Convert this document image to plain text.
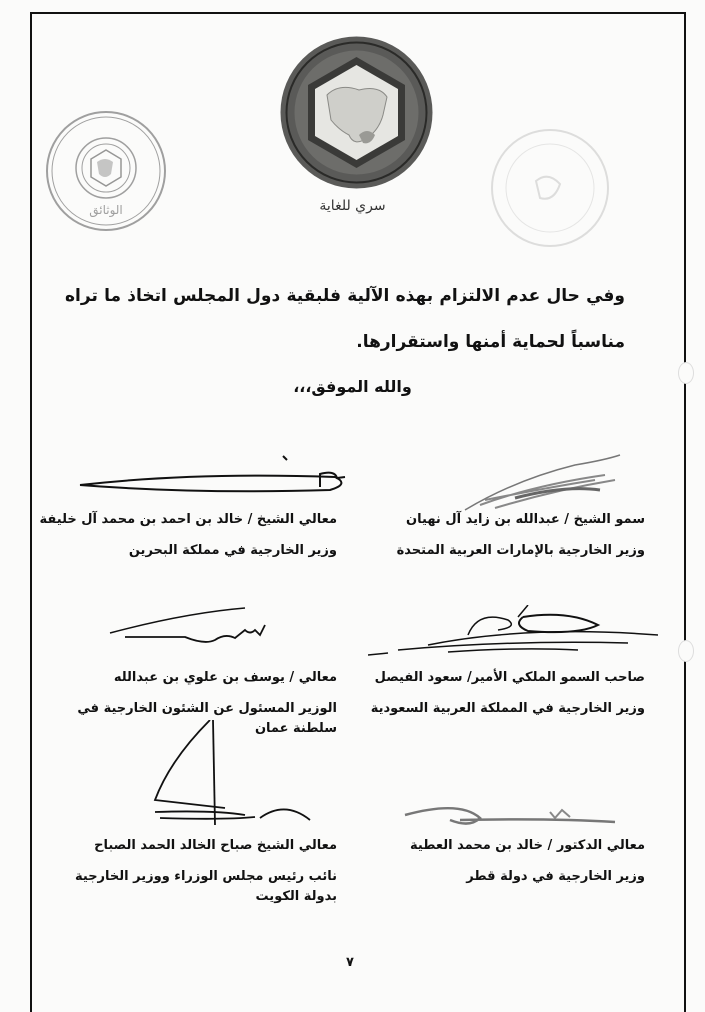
الوثائق	سري للغاية
وفي حال عدم الالتزام بهذه الآلية فلبقية دول المجلس اتخاذ ما تراه
مناسباً لحماية أمنها واستقرارها.
والله الموفق،،،
سمو الشيخ / عبدالله بن زايد آل نهيان
وزير الخارجية بالإمارات العربية المتحدة
معالي الشيخ / خالد بن احمد بن محمد آل خليفة
وزير الخارجية في مملكة البحرين
صاحب السمو الملكي الأمير/ سعود الفيصل
وزير الخارجية في المملكة العربية السعودية
معالي / يوسف بن علوي بن عبدالله
الوزير المسئول عن الشئون الخارجية في
سلطنة عمان
معالي الدكتور / خالد بن محمد العطية
وزير الخارجية في دولة قطر
معالي الشيخ صباح الخالد الحمد الصباح
نائب رئيس مجلس الوزراء ووزير الخارجية
بدولة الكويت
٧
